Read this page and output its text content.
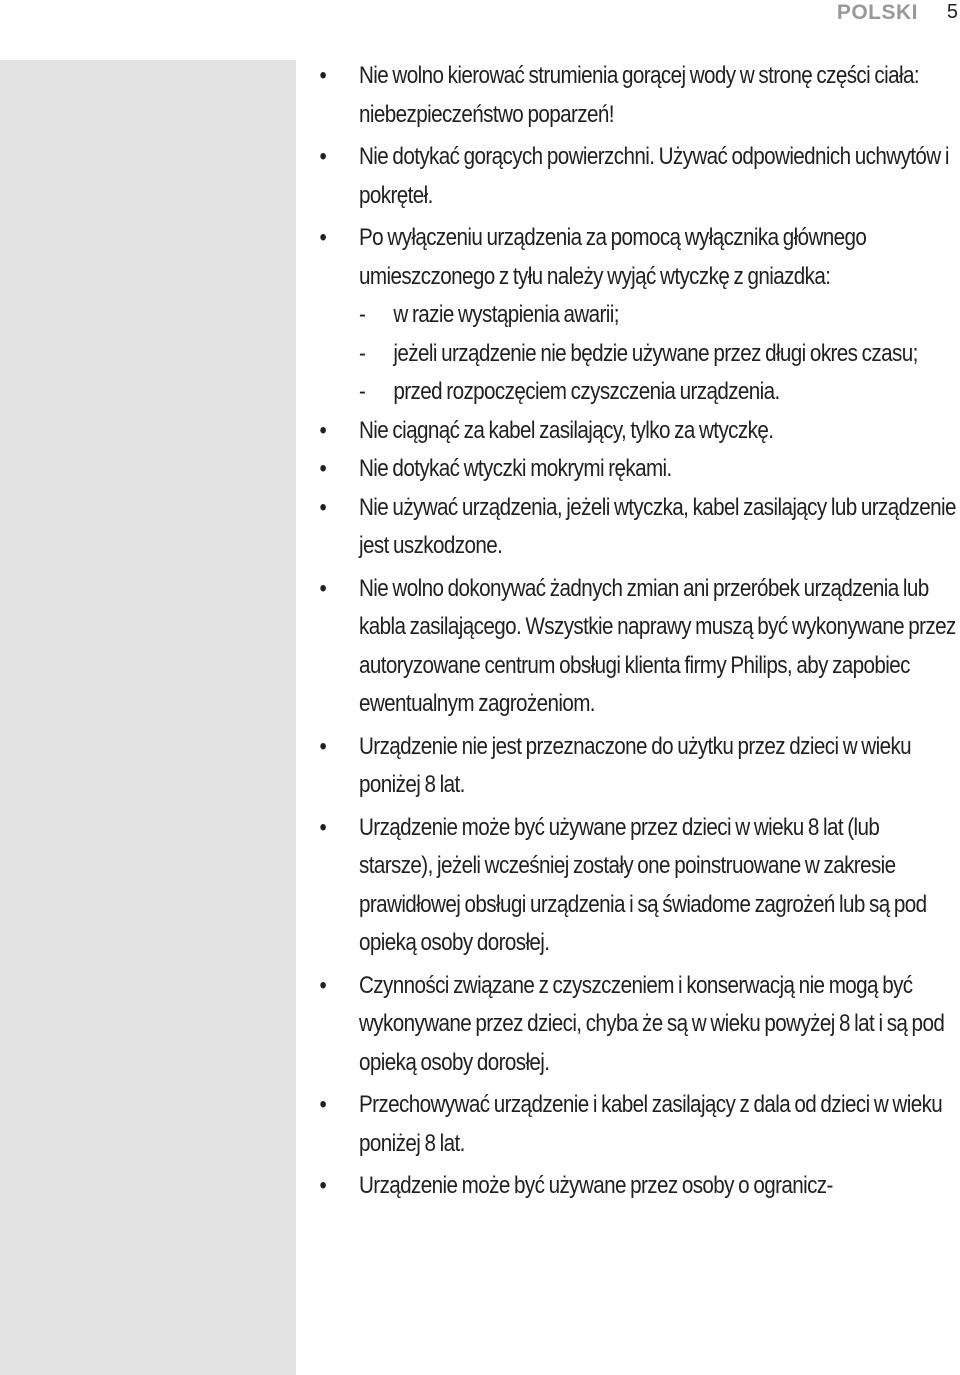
POLSKI 5
• Nie wolno kierować strumienia gorącej wody w stronę części ciała: niebezpieczeństwo poparzeń!
• Nie dotykać gorących powierzchni. Używać odpowiednich uchwytów i pokręteł.
• Po wyłączeniu urządzenia za pomocą wyłącznika głównego umieszczonego z tyłu należy wyjąć wtyczkę z gniazdka:
- w razie wystąpienia awarii;
- jeżeli urządzenie nie będzie używane przez długi okres czasu;
- przed rozpoczęciem czyszczenia urządzenia.
• Nie ciągnąć za kabel zasilający, tylko za wtyczkę.
• Nie dotykać wtyczki mokrymi rękami.
• Nie używać urządzenia, jeżeli wtyczka, kabel zasilający lub urządzenie jest uszkodzone.
• Nie wolno dokonywać żadnych zmian ani przeróbek urządzenia lub kabla zasilającego. Wszystkie naprawy muszą być wykonywane przez autoryzowane centrum obsługi klienta firmy Philips, aby zapobiec ewentualnym zagrożeniom.
• Urządzenie nie jest przeznaczone do użytku przez dzieci w wieku poniżej 8 lat.
• Urządzenie może być używane przez dzieci w wieku 8 lat (lub starsze), jeżeli wcześniej zostały one poinstruowane w zakresie prawidłowej obsługi urządzenia i są świadome zagrożeń lub są pod opieką osoby dorosłej.
• Czynności związane z czyszczeniem i konserwacją nie mogą być wykonywane przez dzieci, chyba że są w wieku powyżej 8 lat i są pod opieką osoby dorosłej.
• Przechowywać urządzenie i kabel zasilający z dala od dzieci w wieku poniżej 8 lat.
• Urządzenie może być używane przez osoby o ogranicz-
